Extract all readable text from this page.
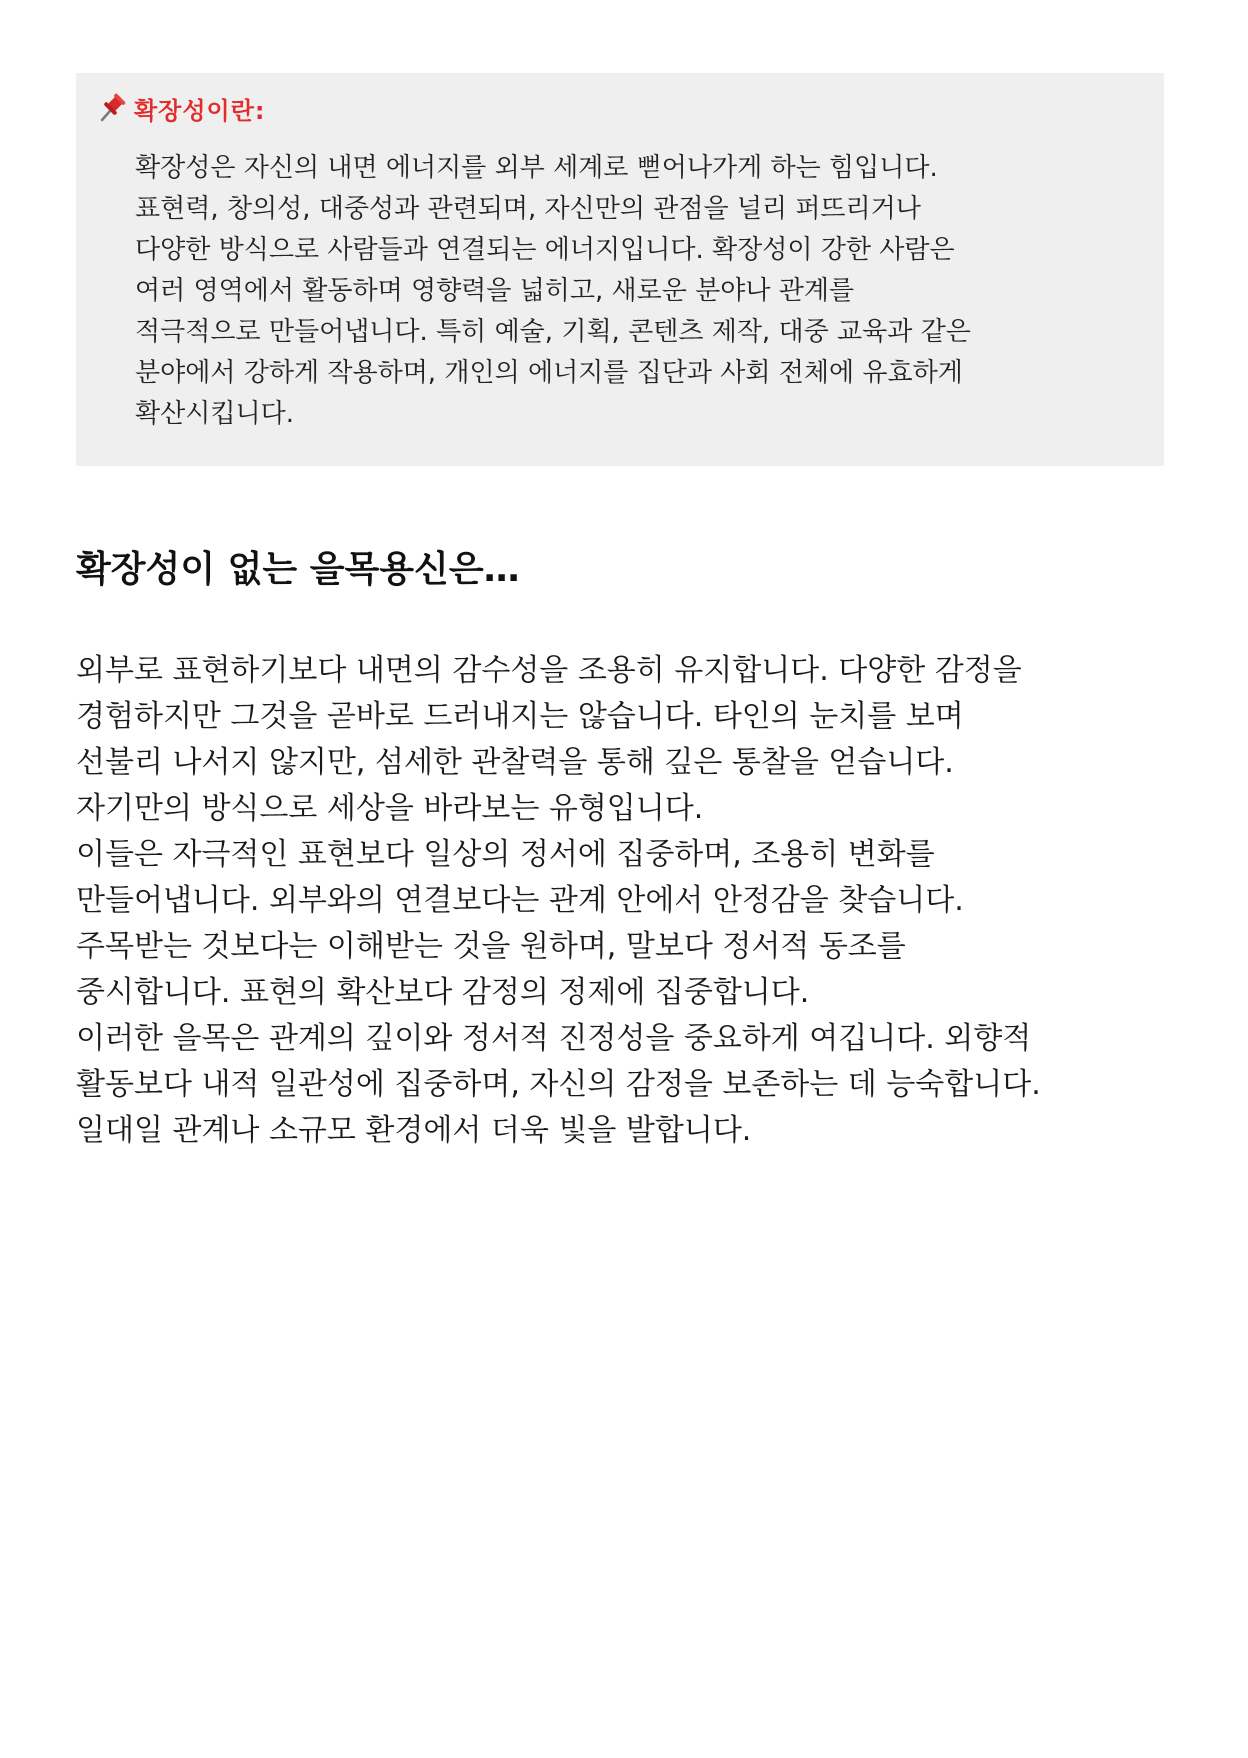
확장성이란:
확장성은 자신의 내면 에너지를 외부 세계로 뻗어나가게 하는 힘입니다.
표현력, 창의성, 대중성과 관련되며, 자신만의 관점을 널리 퍼뜨리거나
다양한 방식으로 사람들과 연결되는 에너지입니다. 확장성이 강한 사람은
여러 영역에서 활동하며 영향력을 넓히고, 새로운 분야나 관계를
적극적으로 만들어냅니다. 특히 예술, 기획, 콘텐츠 제작, 대중 교육과 같은
분야에서 강하게 작용하며, 개인의 에너지를 집단과 사회 전체에 유효하게
확산시킵니다.
확장성이 없는 을목용신은…
외부로 표현하기보다 내면의 감수성을 조용히 유지합니다. 다양한 감정을
경험하지만 그것을 곧바로 드러내지는 않습니다. 타인의 눈치를 보며
선불리 나서지 않지만, 섬세한 관찰력을 통해 깊은 통찰을 얻습니다.
자기만의 방식으로 세상을 바라보는 유형입니다.
이들은 자극적인 표현보다 일상의 정서에 집중하며, 조용히 변화를
만들어냅니다. 외부와의 연결보다는 관계 안에서 안정감을 찾습니다.
주목받는 것보다는 이해받는 것을 원하며, 말보다 정서적 동조를
중시합니다. 표현의 확산보다 감정의 정제에 집중합니다.
이러한 을목은 관계의 깊이와 정서적 진정성을 중요하게 여깁니다. 외향적
활동보다 내적 일관성에 집중하며, 자신의 감정을 보존하는 데 능숙합니다.
일대일 관계나 소규모 환경에서 더욱 빛을 발합니다.
